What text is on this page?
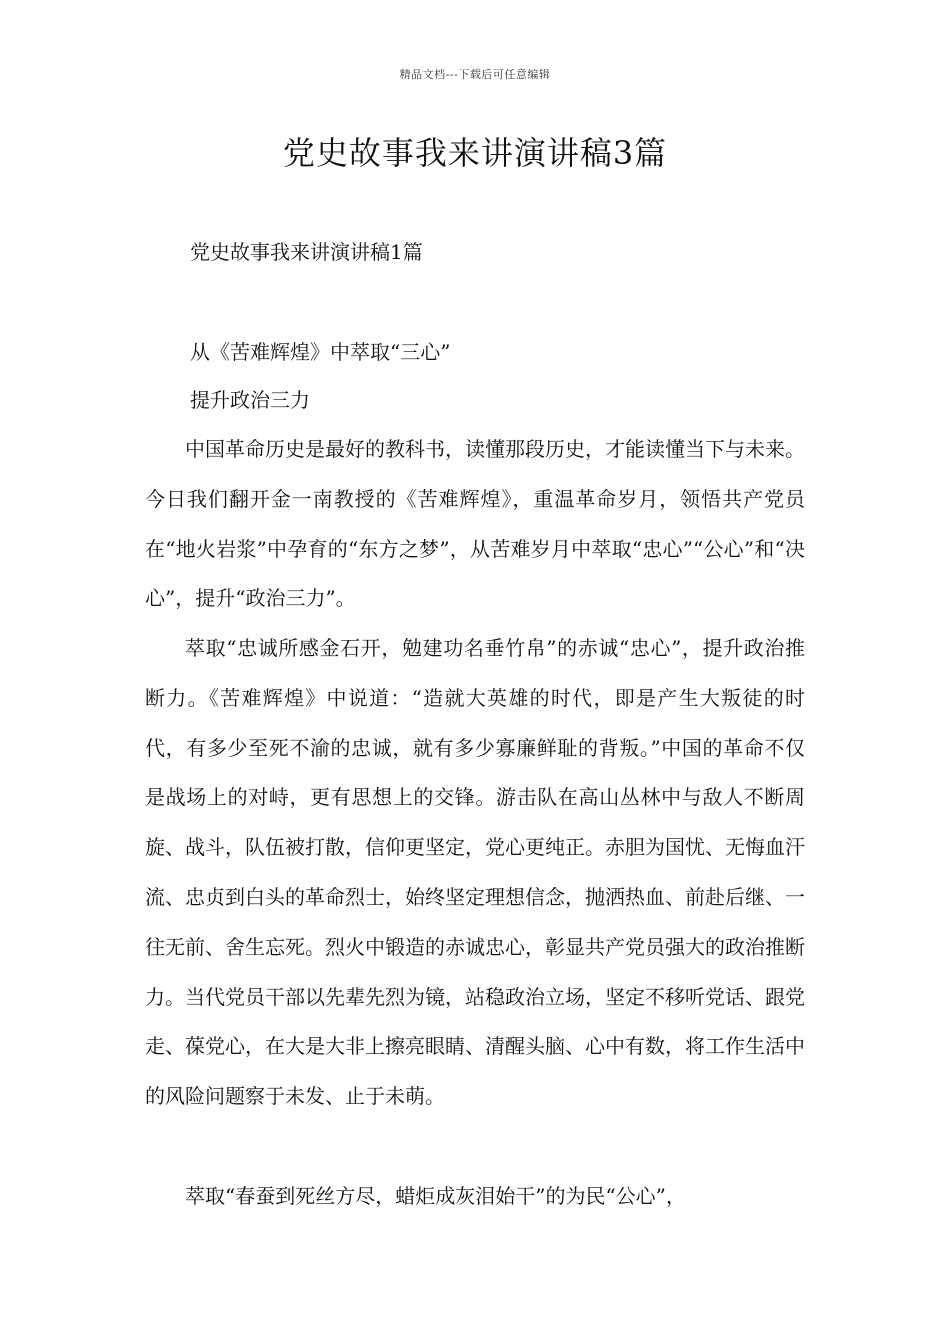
精品文档---下载后可任意编辑
党史故事我来讲演讲稿3篇

党史故事我来讲演讲稿1篇

从《苦难辉煌》中萃取“三心”

提升政治三力

中国革命历史是最好的教科书，读懂那段历史，才能读懂当下与未来。今日我们翻开金一南教授的《苦难辉煌》，重温革命岁月，领悟共产党员在“地火岩浆”中孕育的“东方之梦”，从苦难岁月中萃取“忠心”“公心”和“决心”，提升“政治三力”。

萃取“忠诚所感金石开，勉建功名垂竹帛”的赤诚“忠心”，提升政治推断力。《苦难辉煌》中说道：“造就大英雄的时代，即是产生大叛徒的时代，有多少至死不渝的忠诚，就有多少寡廉鲜耻的背叛。”中国的革命不仅是战场上的对峙，更有思想上的交锋。游击队在高山丛林中与敌人不断周旋、战斗，队伍被打散，信仰更坚定，党心更纯正。赤胆为国忧、无悔血汗流、忠贞到白头的革命烈士，始终坚定理想信念，抛洒热血、前赴后继、一往无前、舍生忘死。烈火中锻造的赤诚忠心，彰显共产党员强大的政治推断力。当代党员干部以先辈先烈为镜，站稳政治立场，坚定不移听党话、跟党走、葆党心，在大是大非上擦亮眼睛、清醒头脑、心中有数，将工作生活中的风险问题察于未发、止于未萌。

萃取“春蚕到死丝方尽，蜡炬成灰泪始干”的为民“公心”，
